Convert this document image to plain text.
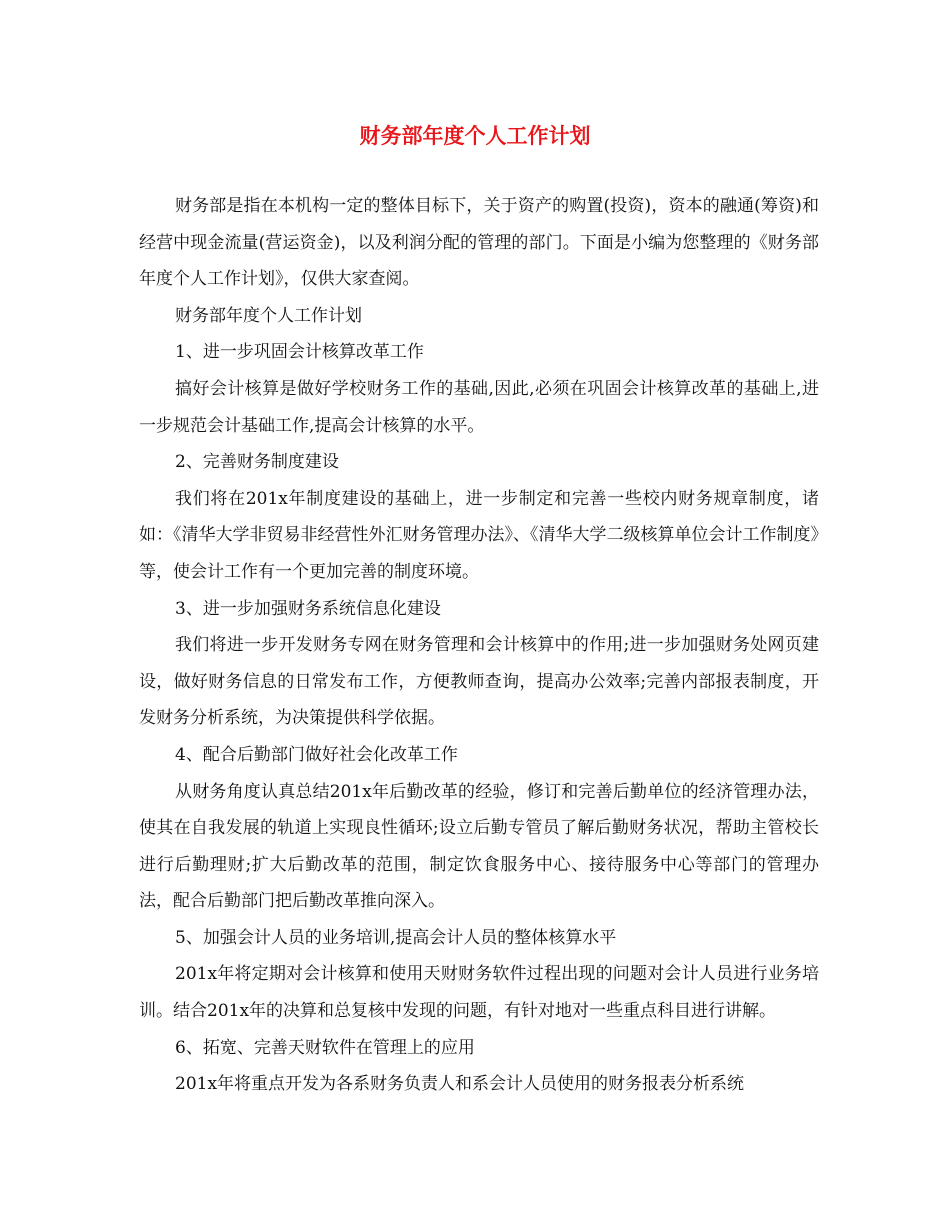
财务部年度个人工作计划

财务部是指在本机构一定的整体目标下，关于资产的购置(投资)，资本的融通(筹资)和经营中现金流量(营运资金)，以及利润分配的管理的部门。下面是小编为您整理的《财务部年度个人工作计划》，仅供大家查阅。

财务部年度个人工作计划

1、进一步巩固会计核算改革工作

搞好会计核算是做好学校财务工作的基础,因此,必须在巩固会计核算改革的基础上,进一步规范会计基础工作,提高会计核算的水平。

2、完善财务制度建设

我们将在201x年制度建设的基础上，进一步制定和完善一些校内财务规章制度，诸如：《清华大学非贸易非经营性外汇财务管理办法》、《清华大学二级核算单位会计工作制度》等，使会计工作有一个更加完善的制度环境。

3、进一步加强财务系统信息化建设

我们将进一步开发财务专网在财务管理和会计核算中的作用;进一步加强财务处网页建设，做好财务信息的日常发布工作，方便教师查询，提高办公效率;完善内部报表制度，开发财务分析系统，为决策提供科学依据。

4、配合后勤部门做好社会化改革工作

从财务角度认真总结201x年后勤改革的经验，修订和完善后勤单位的经济管理办法，使其在自我发展的轨道上实现良性循环;设立后勤专管员了解后勤财务状况，帮助主管校长进行后勤理财;扩大后勤改革的范围，制定饮食服务中心、接待服务中心等部门的管理办法，配合后勤部门把后勤改革推向深入。

5、加强会计人员的业务培训,提高会计人员的整体核算水平

201x年将定期对会计核算和使用天财财务软件过程出现的问题对会计人员进行业务培训。结合201x年的决算和总复核中发现的问题，有针对地对一些重点科目进行讲解。

6、拓宽、完善天财软件在管理上的应用

201x年将重点开发为各系财务负责人和系会计人员使用的财务报表分析系统
